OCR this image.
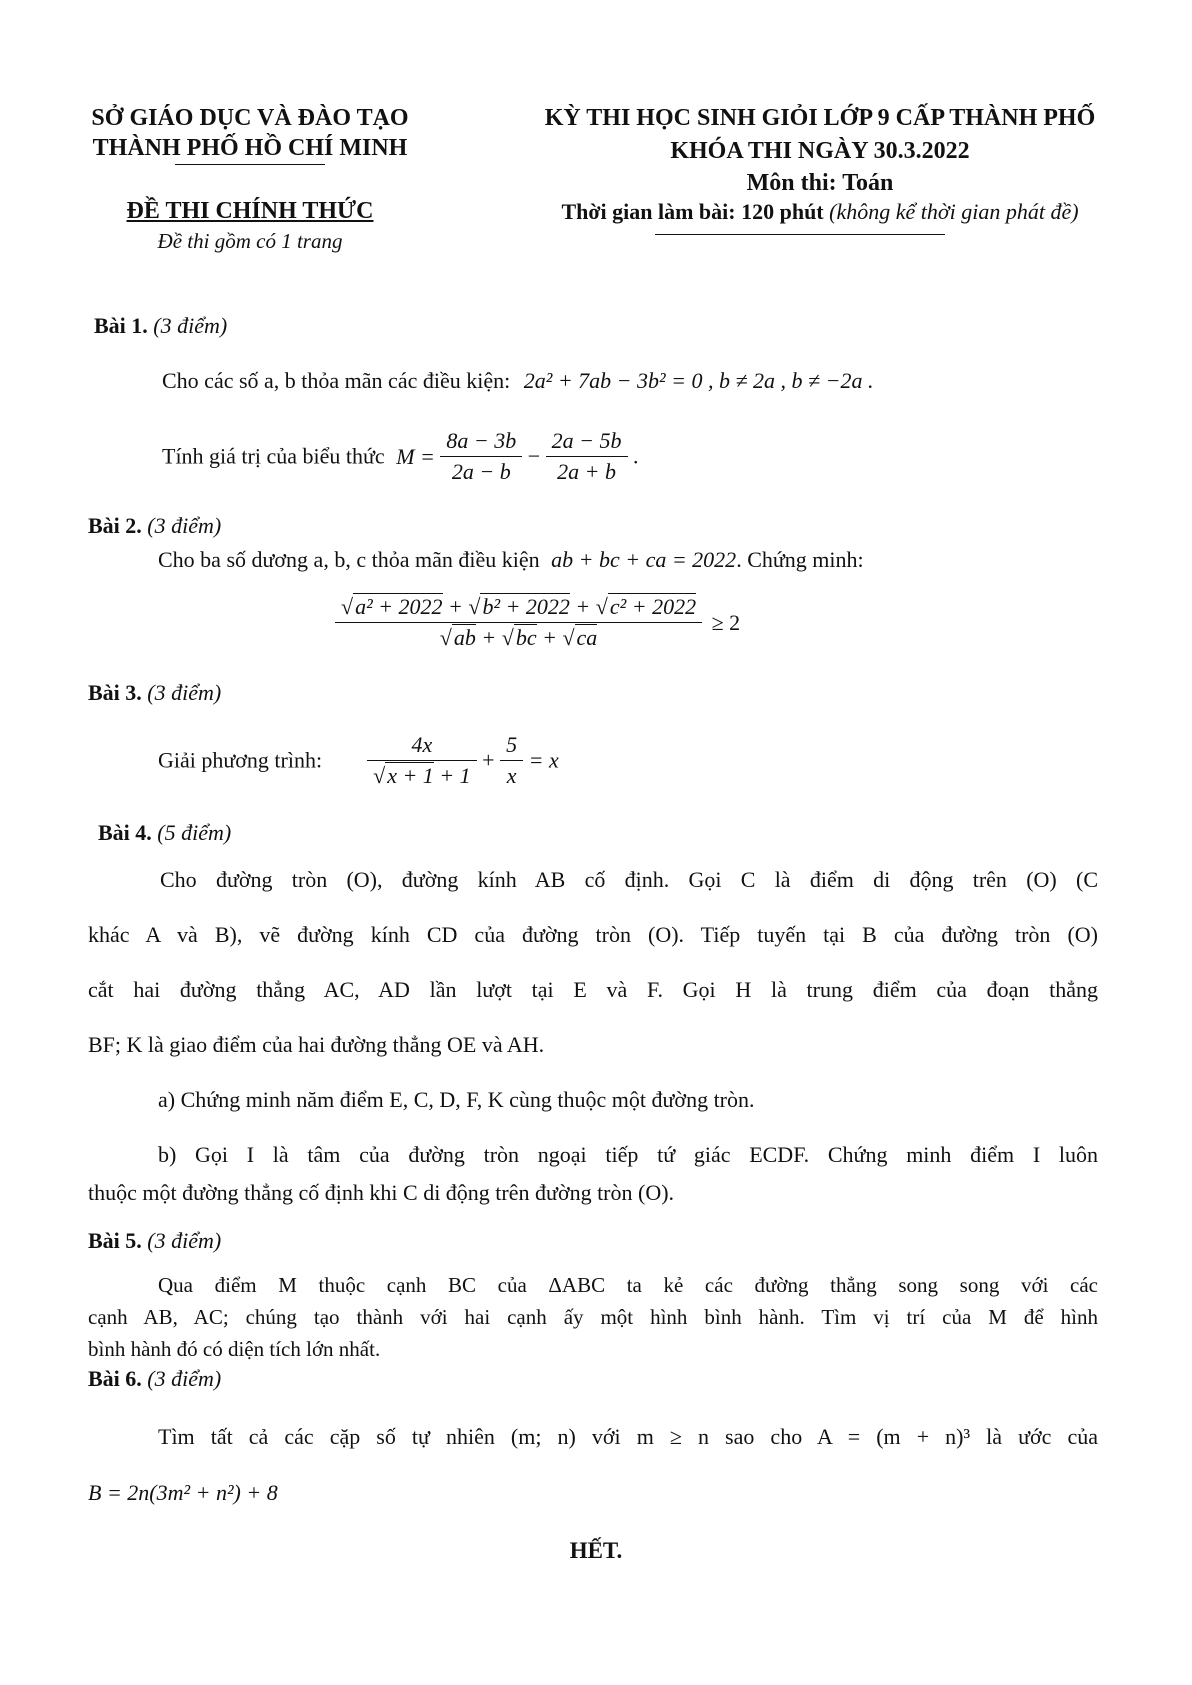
SỞ GIÁO DỤC VÀ ĐÀO TẠO
THÀNH PHỐ HỒ CHÍ MINH
ĐỀ THI CHÍNH THỨC
Đề thi gồm có 1 trang
KỲ THI HỌC SINH GIỎI LỚP 9 CẤP THÀNH PHỐ
KHÓA THI NGÀY 30.3.2022
Môn thi: Toán
Thời gian làm bài: 120 phút (không kể thời gian phát đề)
Bài 1. (3 điểm)
Cho các số a, b thỏa mãn các điều kiện: 2a² + 7ab − 3b² = 0 , b ≠ 2a , b ≠ −2a .
Tính giá trị của biểu thức $M = \frac{8a - 3b}{2a - b} - \frac{2a - 5b}{2a + b}$ .
Bài 2. (3 điểm)
Cho ba số dương a, b, c thỏa mãn điều kiện ab + bc + ca = 2022. Chứng minh:
$\frac{\text{√a² + 2022 + √b² + 2022 + √c² + 2022}}{√ab + √bc + √ca} \ge 2$
Bài 3. (3 điểm)
Giải phương trình: $\frac{4x}{√x + 1 + 1} + \frac{5}{x} = x$
Bài 4. (5 điểm)
Cho đường tròn (O), đường kính AB cố định. Gọi C là điểm di động trên (O) (C
khác A và B), vẽ đường kính CD của đường tròn (O). Tiếp tuyến tại B của đường tròn (O)
cắt hai đường thẳng AC, AD lần lượt tại E và F. Gọi H là trung điểm của đoạn thẳng
BF; K là giao điểm của hai đường thẳng OE và AH.
a) Chứng minh năm điểm E, C, D, F, K cùng thuộc một đường tròn.
b) Gọi I là tâm của đường tròn ngoại tiếp tứ giác ECDF. Chứng minh điểm I luôn
thuộc một đường thẳng cố định khi C di động trên đường tròn (O).
Bài 5. (3 điểm)
Qua điểm M thuộc cạnh BC của ΔABC ta kẻ các đường thẳng song song với các
cạnh AB, AC; chúng tạo thành với hai cạnh ấy một hình bình hành. Tìm vị trí của M để hình
bình hành đó có diện tích lớn nhất.
Bài 6. (3 điểm)
Tìm tất cả các cặp số tự nhiên (m; n) với m ≥ n sao cho A = (m + n)³ là ước của
B = 2n(3m² + n²) + 8
HẾT.
